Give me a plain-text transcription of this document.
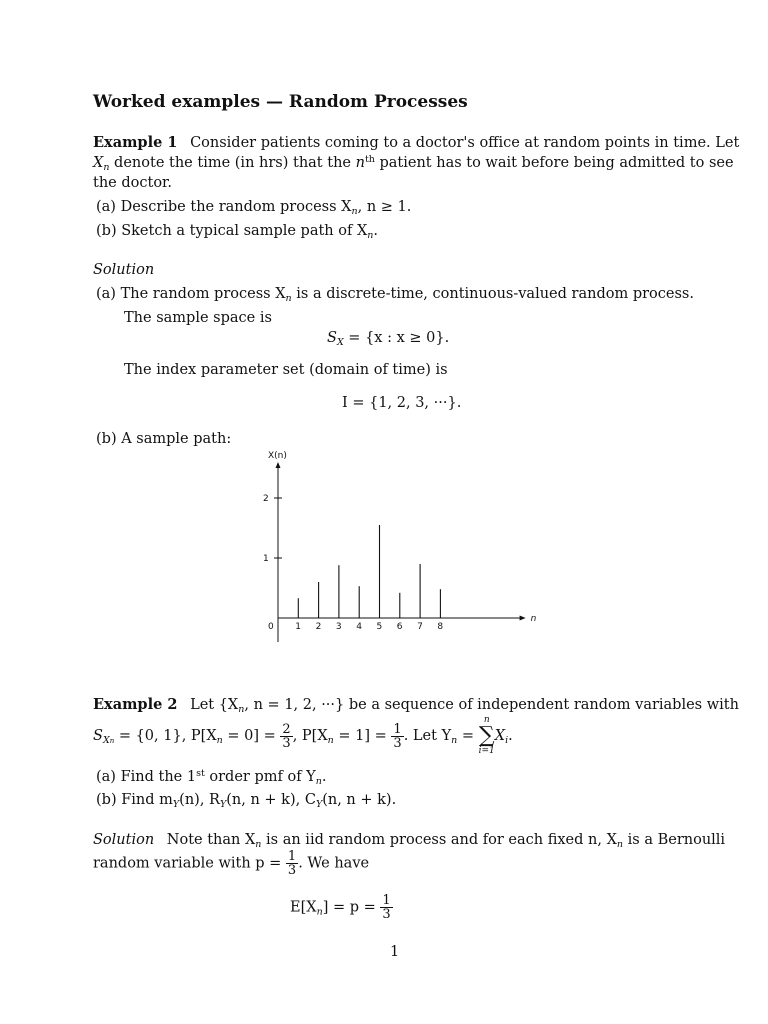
Worked examples — Random Processes
Example 1 Consider patients coming to a doctor's office at random points in time. Let
$X_n$ denote the time (in hrs) that the $n^{th}$ patient has to wait before being admitted to see
the doctor.
(a) Describe the random process $X_n$, n ≥ 1.
(b) Sketch a typical sample path of $X_n$.
Solution
(a) The random process $X_n$ is a discrete-time, continuous-valued random process.
The sample space is
$S_X = \{x$ : x ≥ 0}.
The index parameter set (domain of time) is
I = {1, 2, 3, ···}.
(b) A sample path:
X(n)
n
1
2
0 1 2 3 4 5 6 7 8
Example 2 Let {$X_n$, n = 1, 2, ···} be a sequence of independent random variables with
$S_{Xn} = \{0$, 1}, $P[X_n = 0] = \frac{2}{3}$ , $P[X_n = 1] = \frac{1}{3}$ . Let $Y_n$ =
n
∑
i=1
$X_i$.
(a) Find the 1st order pmf of $Y_n$.
(b) Find $m_Y(n)$, $R_Y(n$, n + k), $C_Y(n$, n + k).
Solution Note than $X_n$ is an iid random process and for each fixed n, $X_n$ is a Bernoulli
random variable with $p = \frac{1}{3}$ . We have
$E[X_n] = p = \frac{1}{3}$
1
